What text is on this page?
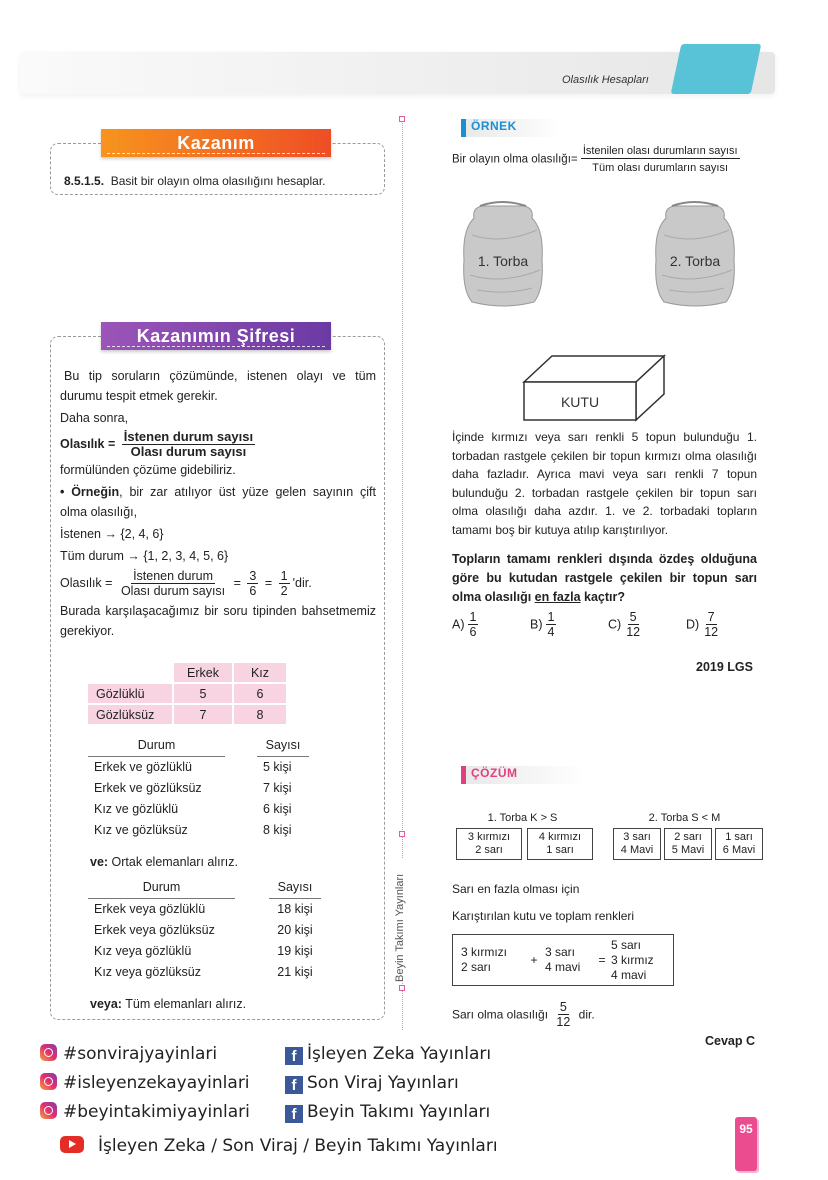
Olasılık Hesapları
Beyin Takımı Yayınları
Kazanım
8.5.1.5. Basit bir olayın olma olasılığını hesaplar.
Kazanımın Şifresi
Bu tip soruların çözümünde, istenen olayı ve tüm durumu tespit etmek gerekir.
Daha sonra,
Olasılık = $\frac{\text{İstenen durum sayısı}}{\text{Olası durum sayısı}}$
formülünden çözüme gidebiliriz.
• Örneğin, bir zar atılıyor üst yüze gelen sayının çift olma olasılığı,
İstenen → {2, 4, 6}
Tüm durum → {1, 2, 3, 4, 5, 6}
Olasılık = $\frac{\text{İstenen durum}}{\text{Olası durum sayısı}} = \frac{3}{6} = \frac{1}{2}$ 'dir.
Burada karşılaşacağımız bir soru tipinden bahsetmemiz gerekiyor.
	Erkek	Kız
Gözlüklü	5	6
Gözlüksüz	7	8
Durum		Sayısı
Erkek ve gözlüklü		5 kişi
Erkek ve gözlüksüz		7 kişi
Kız ve gözlüklü		6 kişi
Kız ve gözlüksüz		8 kişi
ve: Ortak elemanları alırız.
Durum		Sayısı
Erkek veya gözlüklü		18 kişi
Erkek veya gözlüksüz		20 kişi
Kız veya gözlüklü		19 kişi
Kız veya gözlüksüz		21 kişi
veya: Tüm elemanları alırız.
ÖRNEK
Bir olayın olma olasılığı= $\frac{\text{İstenilen olası durumların sayısı}}{\text{Tüm olası durumların sayısı}}$
1. Torba	2. Torba
KUTU
İçinde kırmızı veya sarı renkli 5 topun bulunduğu 1. torbadan rastgele çekilen bir topun kırmızı olma olasılığı daha fazladır. Ayrıca mavi veya sarı renkli 7 topun bulunduğu 2. torbadan rastgele çekilen bir topun sarı olma olasılığı daha azdır. 1. ve 2. torbadaki topların tamamı boş bir kutuya atılıp karıştırılıyor.
Topların tamamı renkleri dışında özdeş olduğuna göre bu kutudan rastgele çekilen bir topun sarı olma olasılığı en fazla kaçtır?
$A) \frac{1}{6}$	$B) \frac{1}{4}$	$C) \frac{5}{12}$	$D) \frac{7}{12}$
2019 LGS
ÇÖZÜM
1. Torba K > S
3 kırmızı
2 sarı
4 kırmızı
1 sarı
2. Torba S < M
3 sarı
4 Mavi
2 sarı
5 Mavi
1 sarı
6 Mavi
Sarı en fazla olması için
Karıştırılan kutu ve toplam renkleri
3 kırmızı
2 sarı
+
3 sarı
4 mavi
=
5 sarı
3 kırmız
4 mavi
Sarı olma olasılığı $\frac{5}{12}$ dir.
Cevap C
#sonvirajyayinlari
#isleyenzekayayinlari
#beyintakimiyayinlari
f İşleyen Zeka Yayınları
f Son Viraj Yayınları
f Beyin Takımı Yayınları
İşleyen Zeka / Son Viraj / Beyin Takımı Yayınları
95
